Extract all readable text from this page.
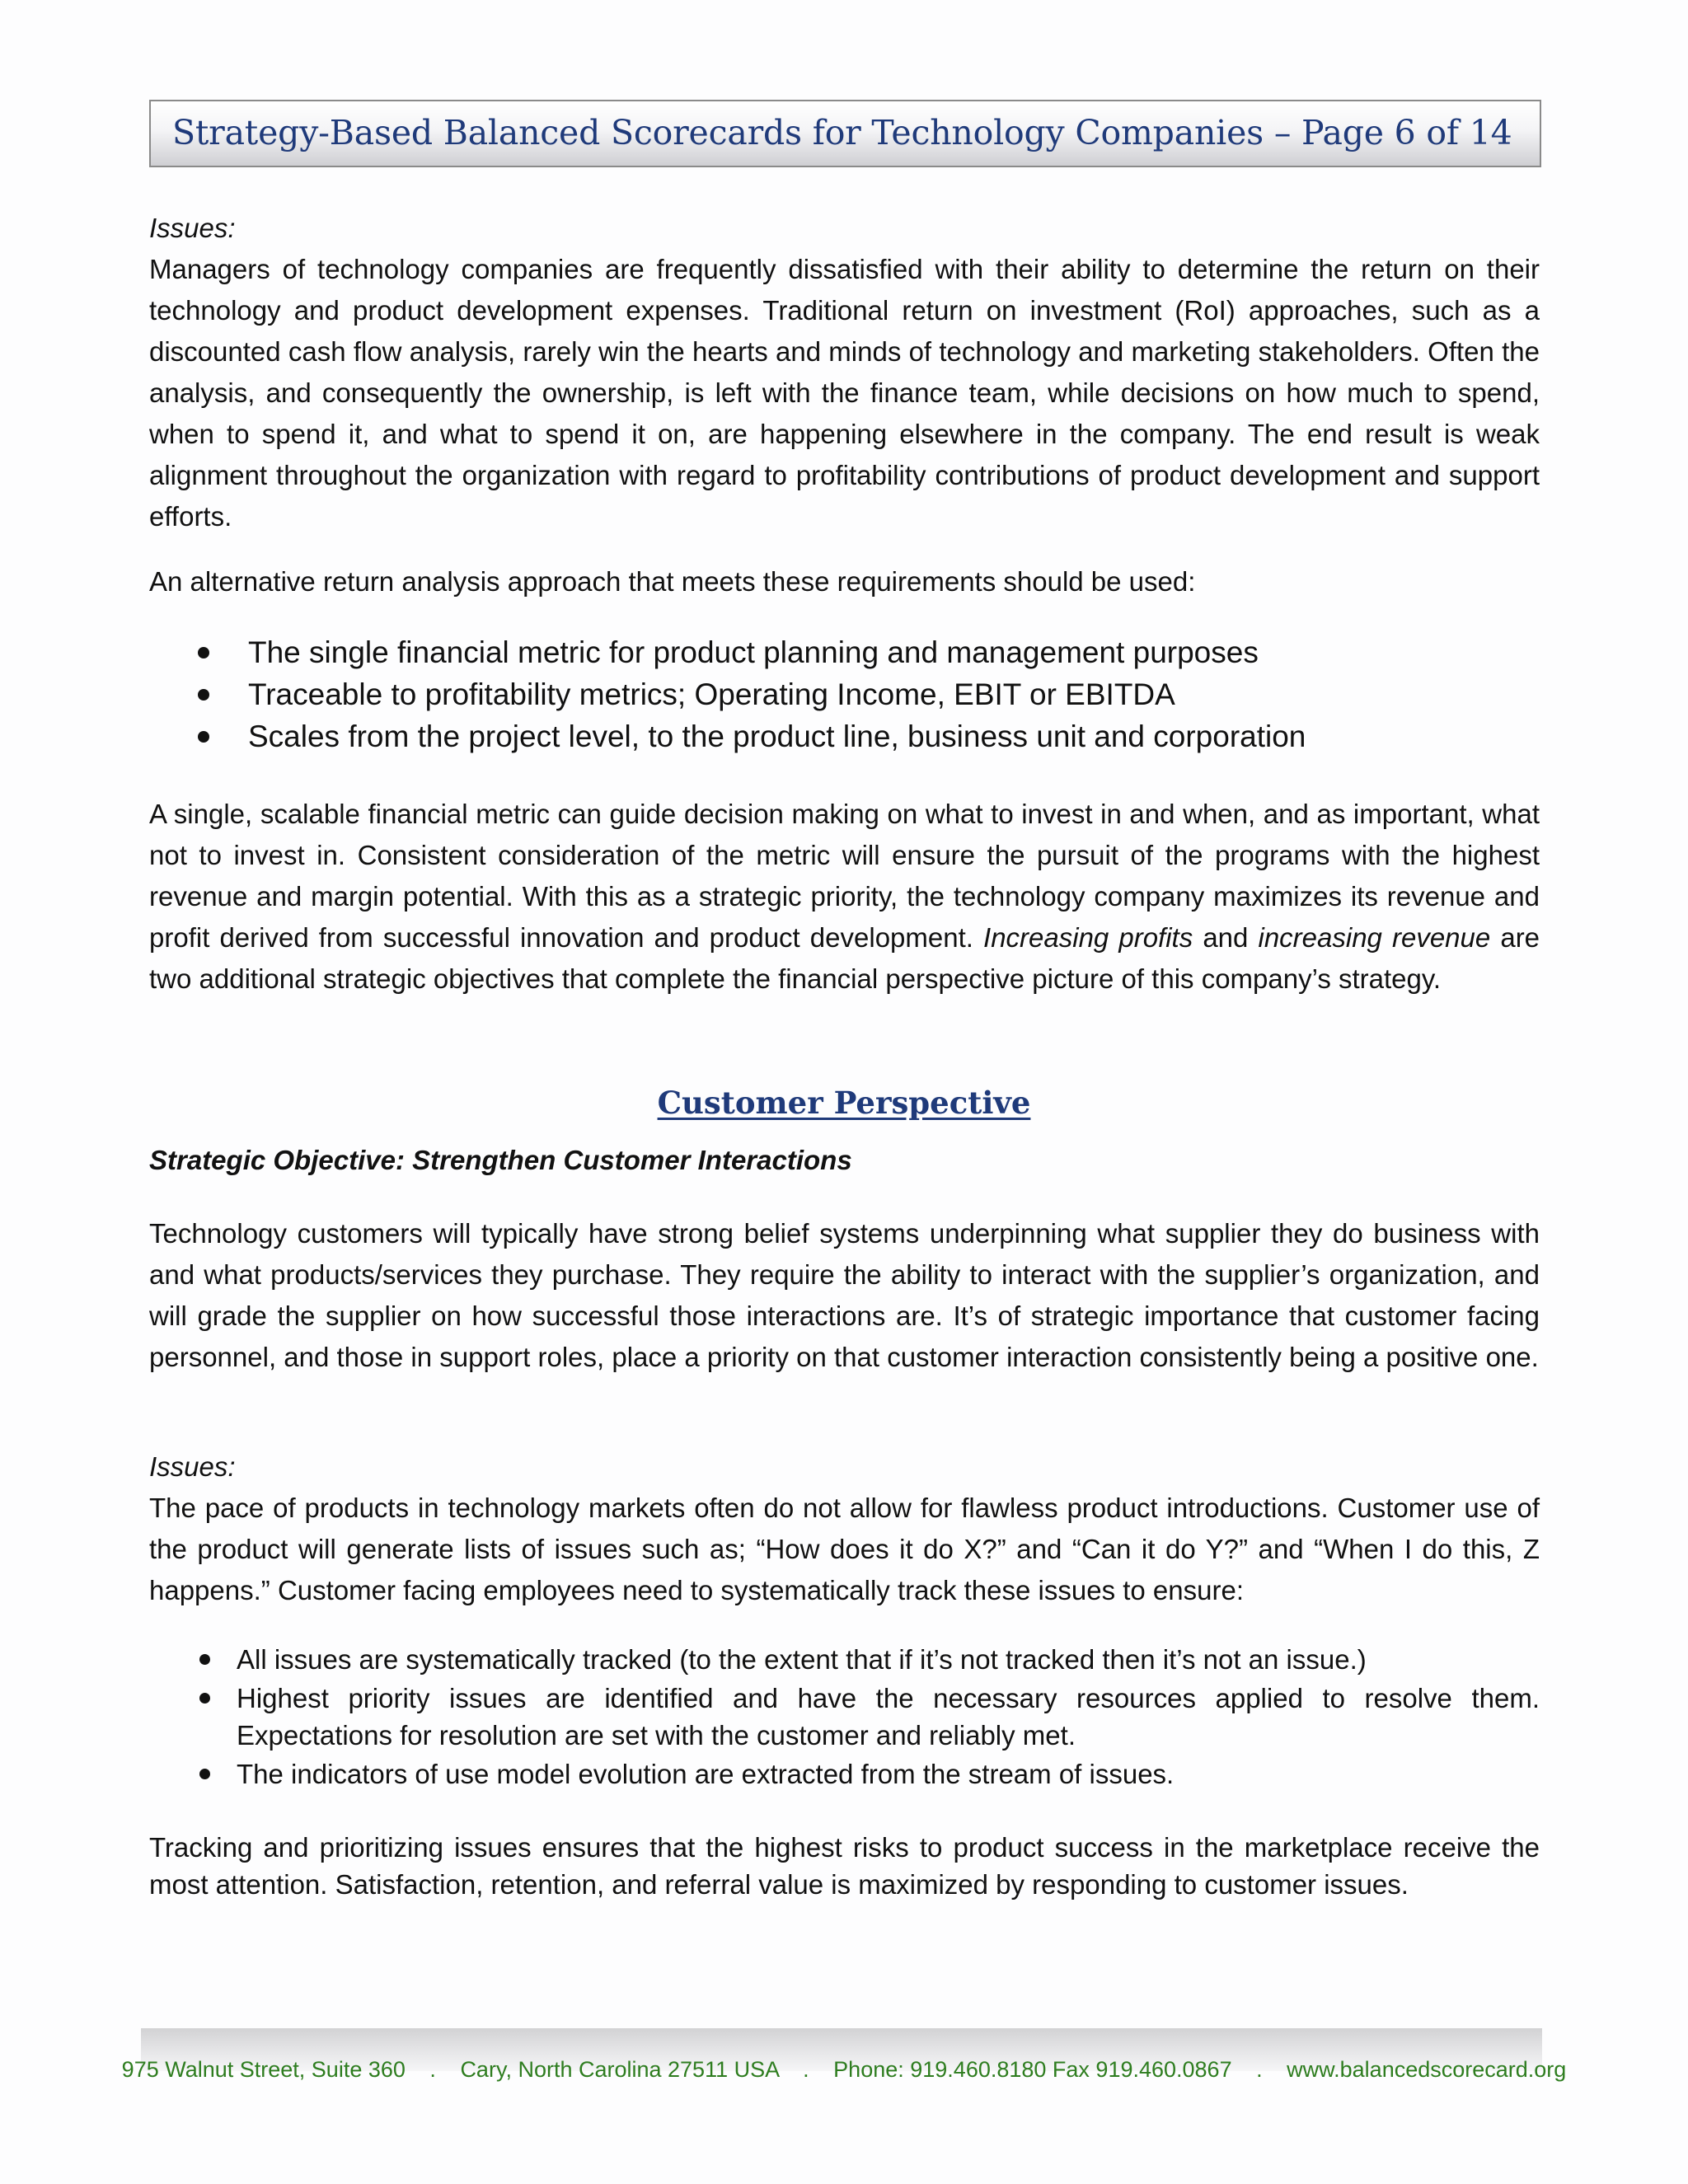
Strategy-Based Balanced Scorecards for Technology Companies – Page 6 of 14
Issues:

Managers of technology companies are frequently dissatisfied with their ability to determine the return on their technology and product development expenses. Traditional return on investment (RoI) approaches, such as a discounted cash flow analysis, rarely win the hearts and minds of technology and marketing stakeholders. Often the analysis, and consequently the ownership, is left with the finance team, while decisions on how much to spend, when to spend it, and what to spend it on, are happening elsewhere in the company. The end result is weak alignment throughout the organization with regard to profitability contributions of product development and support efforts.

An alternative return analysis approach that meets these requirements should be used:

The single financial metric for product planning and management purposes
Traceable to profitability metrics; Operating Income, EBIT or EBITDA
Scales from the project level, to the product line, business unit and corporation

A single, scalable financial metric can guide decision making on what to invest in and when, and as important, what not to invest in. Consistent consideration of the metric will ensure the pursuit of the programs with the highest revenue and margin potential. With this as a strategic priority, the technology company maximizes its revenue and profit derived from successful innovation and product development. Increasing profits and increasing revenue are two additional strategic objectives that complete the financial perspective picture of this company’s strategy.

Customer Perspective
Strategic Objective: Strengthen Customer Interactions

Technology customers will typically have strong belief systems underpinning what supplier they do business with and what products/services they purchase. They require the ability to interact with the supplier’s organization, and will grade the supplier on how successful those interactions are. It’s of strategic importance that customer facing personnel, and those in support roles, place a priority on that customer interaction consistently being a positive one.

Issues:

The pace of products in technology markets often do not allow for flawless product introductions. Customer use of the product will generate lists of issues such as; “How does it do X?” and “Can it do Y?” and “When I do this, Z happens.” Customer facing employees need to systematically track these issues to ensure:

All issues are systematically tracked (to the extent that if it’s not tracked then it’s not an issue.)
Highest priority issues are identified and have the necessary resources applied to resolve them. Expectations for resolution are set with the customer and reliably met.
The indicators of use model evolution are extracted from the stream of issues.

Tracking and prioritizing issues ensures that the highest risks to product success in the marketplace receive the most attention. Satisfaction, retention, and referral value is maximized by responding to customer issues.

975 Walnut Street, Suite 360 . Cary, North Carolina 27511 USA . Phone: 919.460.8180 Fax 919.460.0867 . www.balancedscorecard.org
